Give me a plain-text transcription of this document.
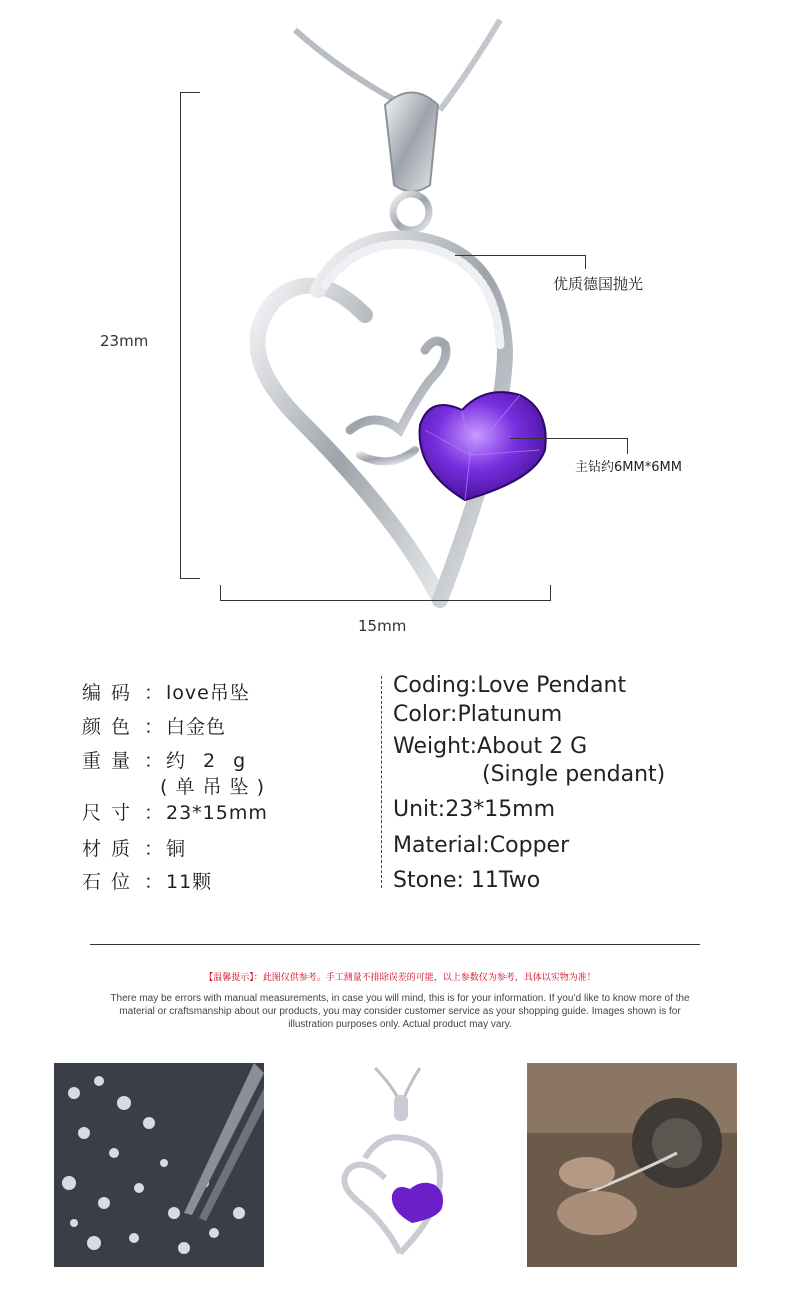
23mm
15mm
优质德国抛光
主钻约6MM*6MM
编码 ： love吊坠
颜色 ： 白金色
重量 ： 约 2 g
( 单 吊 坠 )
尺寸 ： 23*15mm
材质 ： 铜
石位 ： 11颗
Coding:Love Pendant
Color:Platunum
Weight:About 2 G
(Single pendant)
Unit:23*15mm
Material:Copper
Stone: 11Two
【温馨提示】：此图仅供参考。手工测量不排除误差的可能，以上参数仅为参考，具体以实物为准！
There may be errors with manual measurements, in case you will mind, this is for your information. If you’d like to know more of the material or craftsmanship about our products, you may consider customer service as your shopping guide. Images shown is for illustration purposes only. Actual product may vary.
